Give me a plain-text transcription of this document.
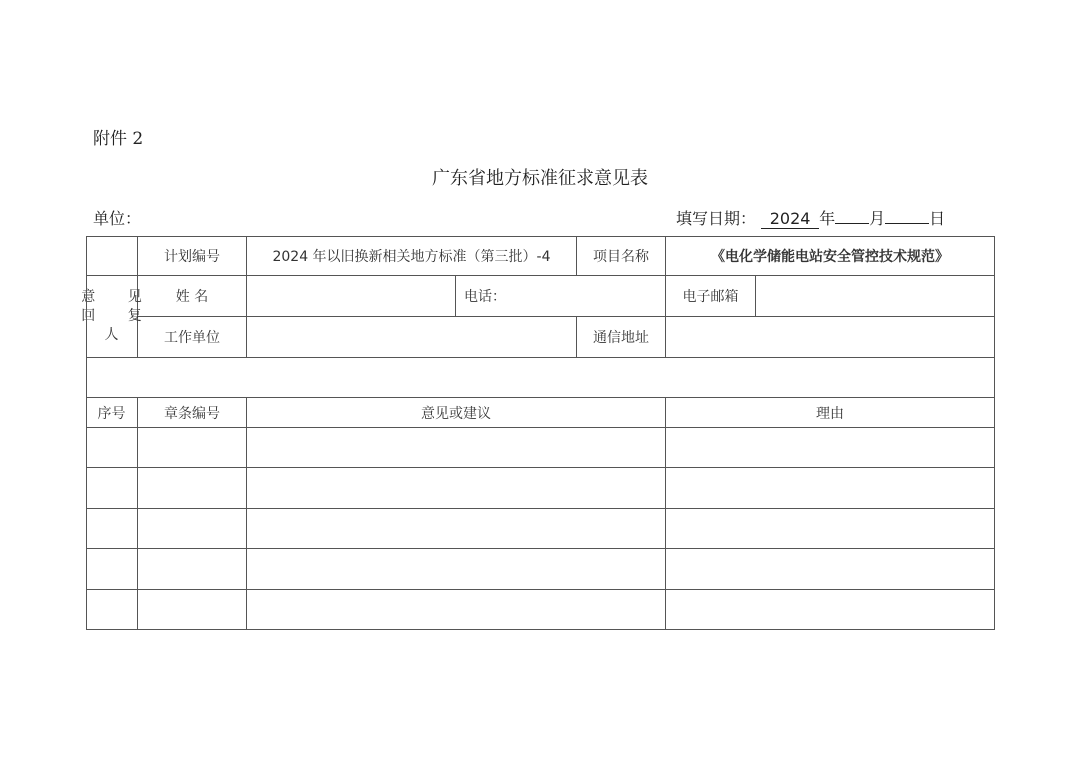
附件 2
广东省地方标准征求意见表
单位：	填写日期： 2024 年 月	日
计划编号	2024 年以旧换新相关地方标准（第三批）-4	项目名称	《电化学储能电站安全管控技术规范》
意 见
回 复
人
姓 名	电话：	电子邮箱
工作单位	通信地址
序号	章条编号	意见或建议	理由
